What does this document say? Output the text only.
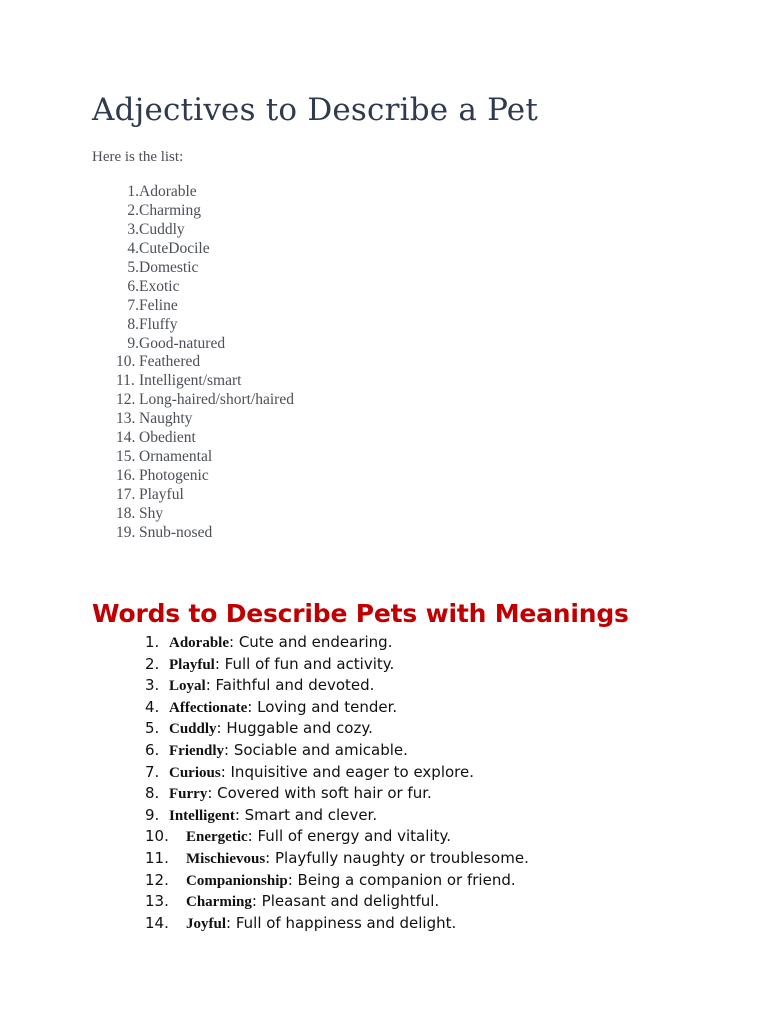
Adjectives to Describe a Pet

Here is the list:

1. Adorable
2. Charming
3. Cuddly
4. CuteDocile
5. Domestic
6. Exotic
7. Feline
8. Fluffy
9. Good-natured
10. Feathered
11. Intelligent/smart
12. Long-haired/short/haired
13. Naughty
14. Obedient
15. Ornamental
16. Photogenic
17. Playful
18. Shy
19. Snub-nosed
Words to Describe Pets with Meanings
1. Adorable: Cute and endearing.
2. Playful: Full of fun and activity.
3. Loyal: Faithful and devoted.
4. Affectionate: Loving and tender.
5. Cuddly: Huggable and cozy.
6. Friendly: Sociable and amicable.
7. Curious: Inquisitive and eager to explore.
8. Furry: Covered with soft hair or fur.
9. Intelligent: Smart and clever.
10. Energetic: Full of energy and vitality.
11. Mischievous: Playfully naughty or troublesome.
12. Companionship: Being a companion or friend.
13. Charming: Pleasant and delightful.
14. Joyful: Full of happiness and delight.
